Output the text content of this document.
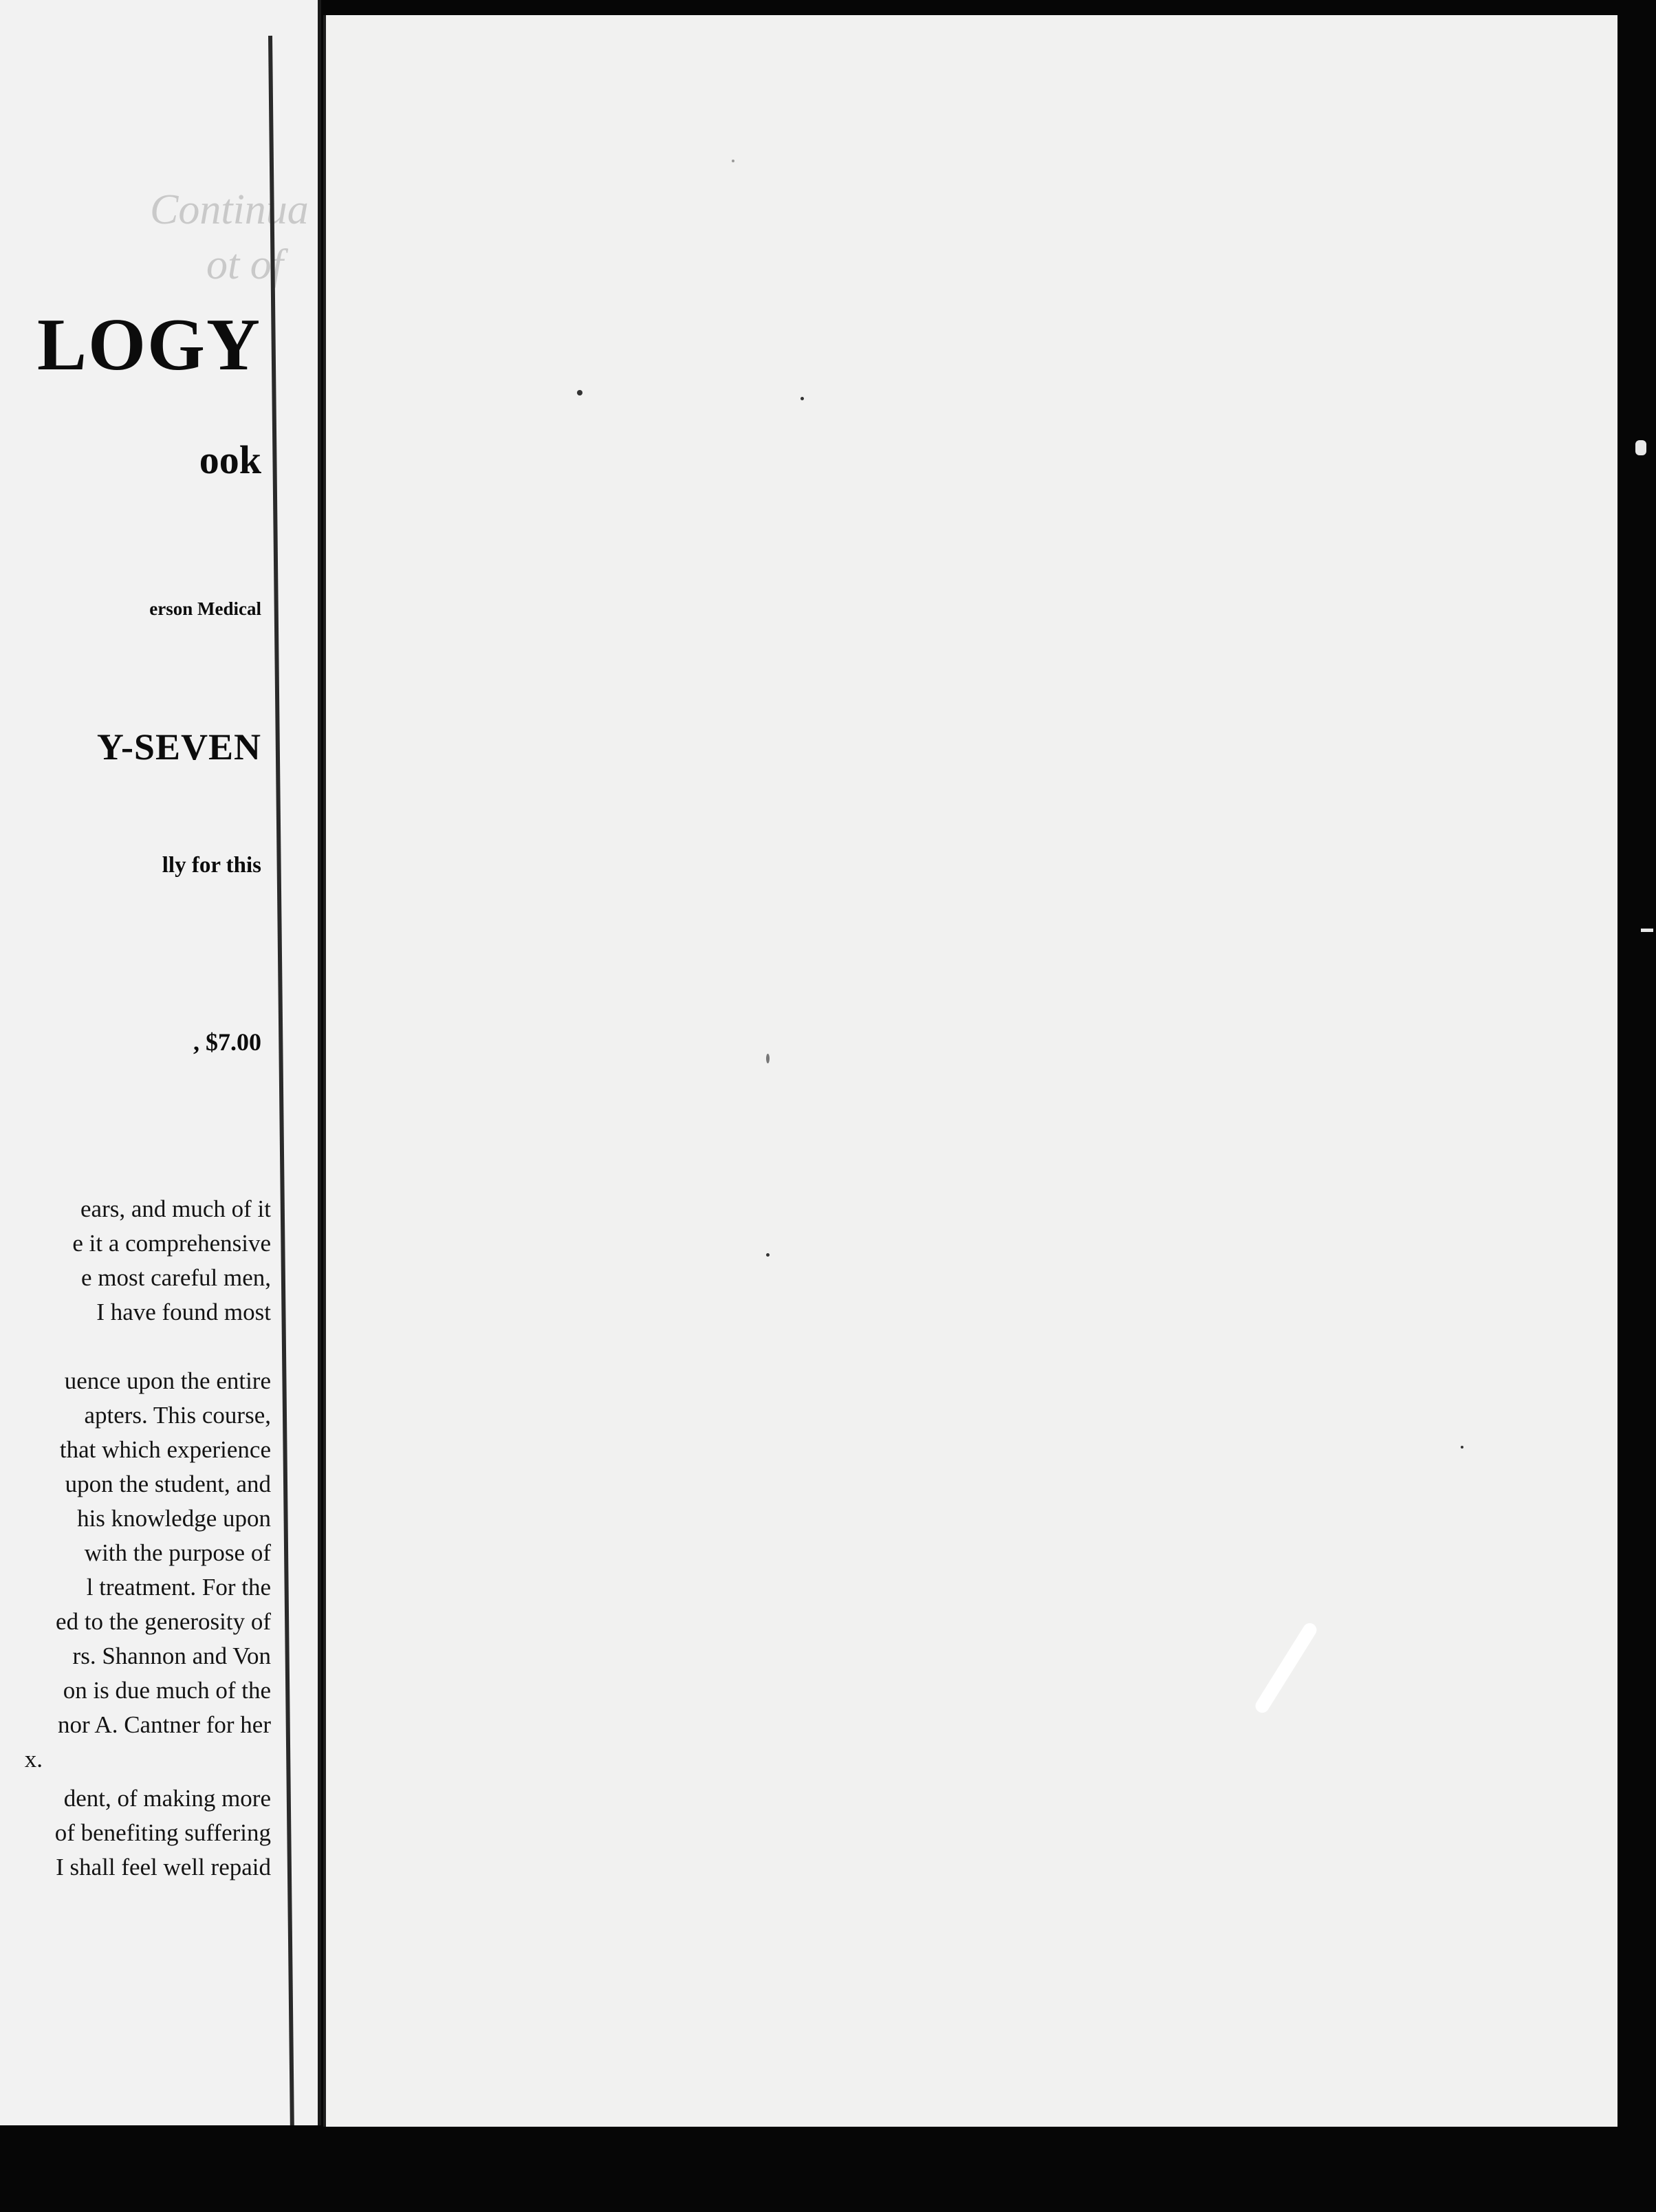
Continua
ot of
LOGY
ook
erson Medical
Y-SEVEN
lly for this
, $7.00
ears, and much of it
e it a comprehensive
e most careful men,
I have found most
uence upon the entire
apters. This course,
that which experience
upon the student, and
his knowledge upon
with the purpose of
l treatment. For the
ed to the generosity of
rs. Shannon and Von
on is due much of the
nor A. Cantner for her
x.
dent, of making more
of benefiting suffering
I shall feel well repaid
